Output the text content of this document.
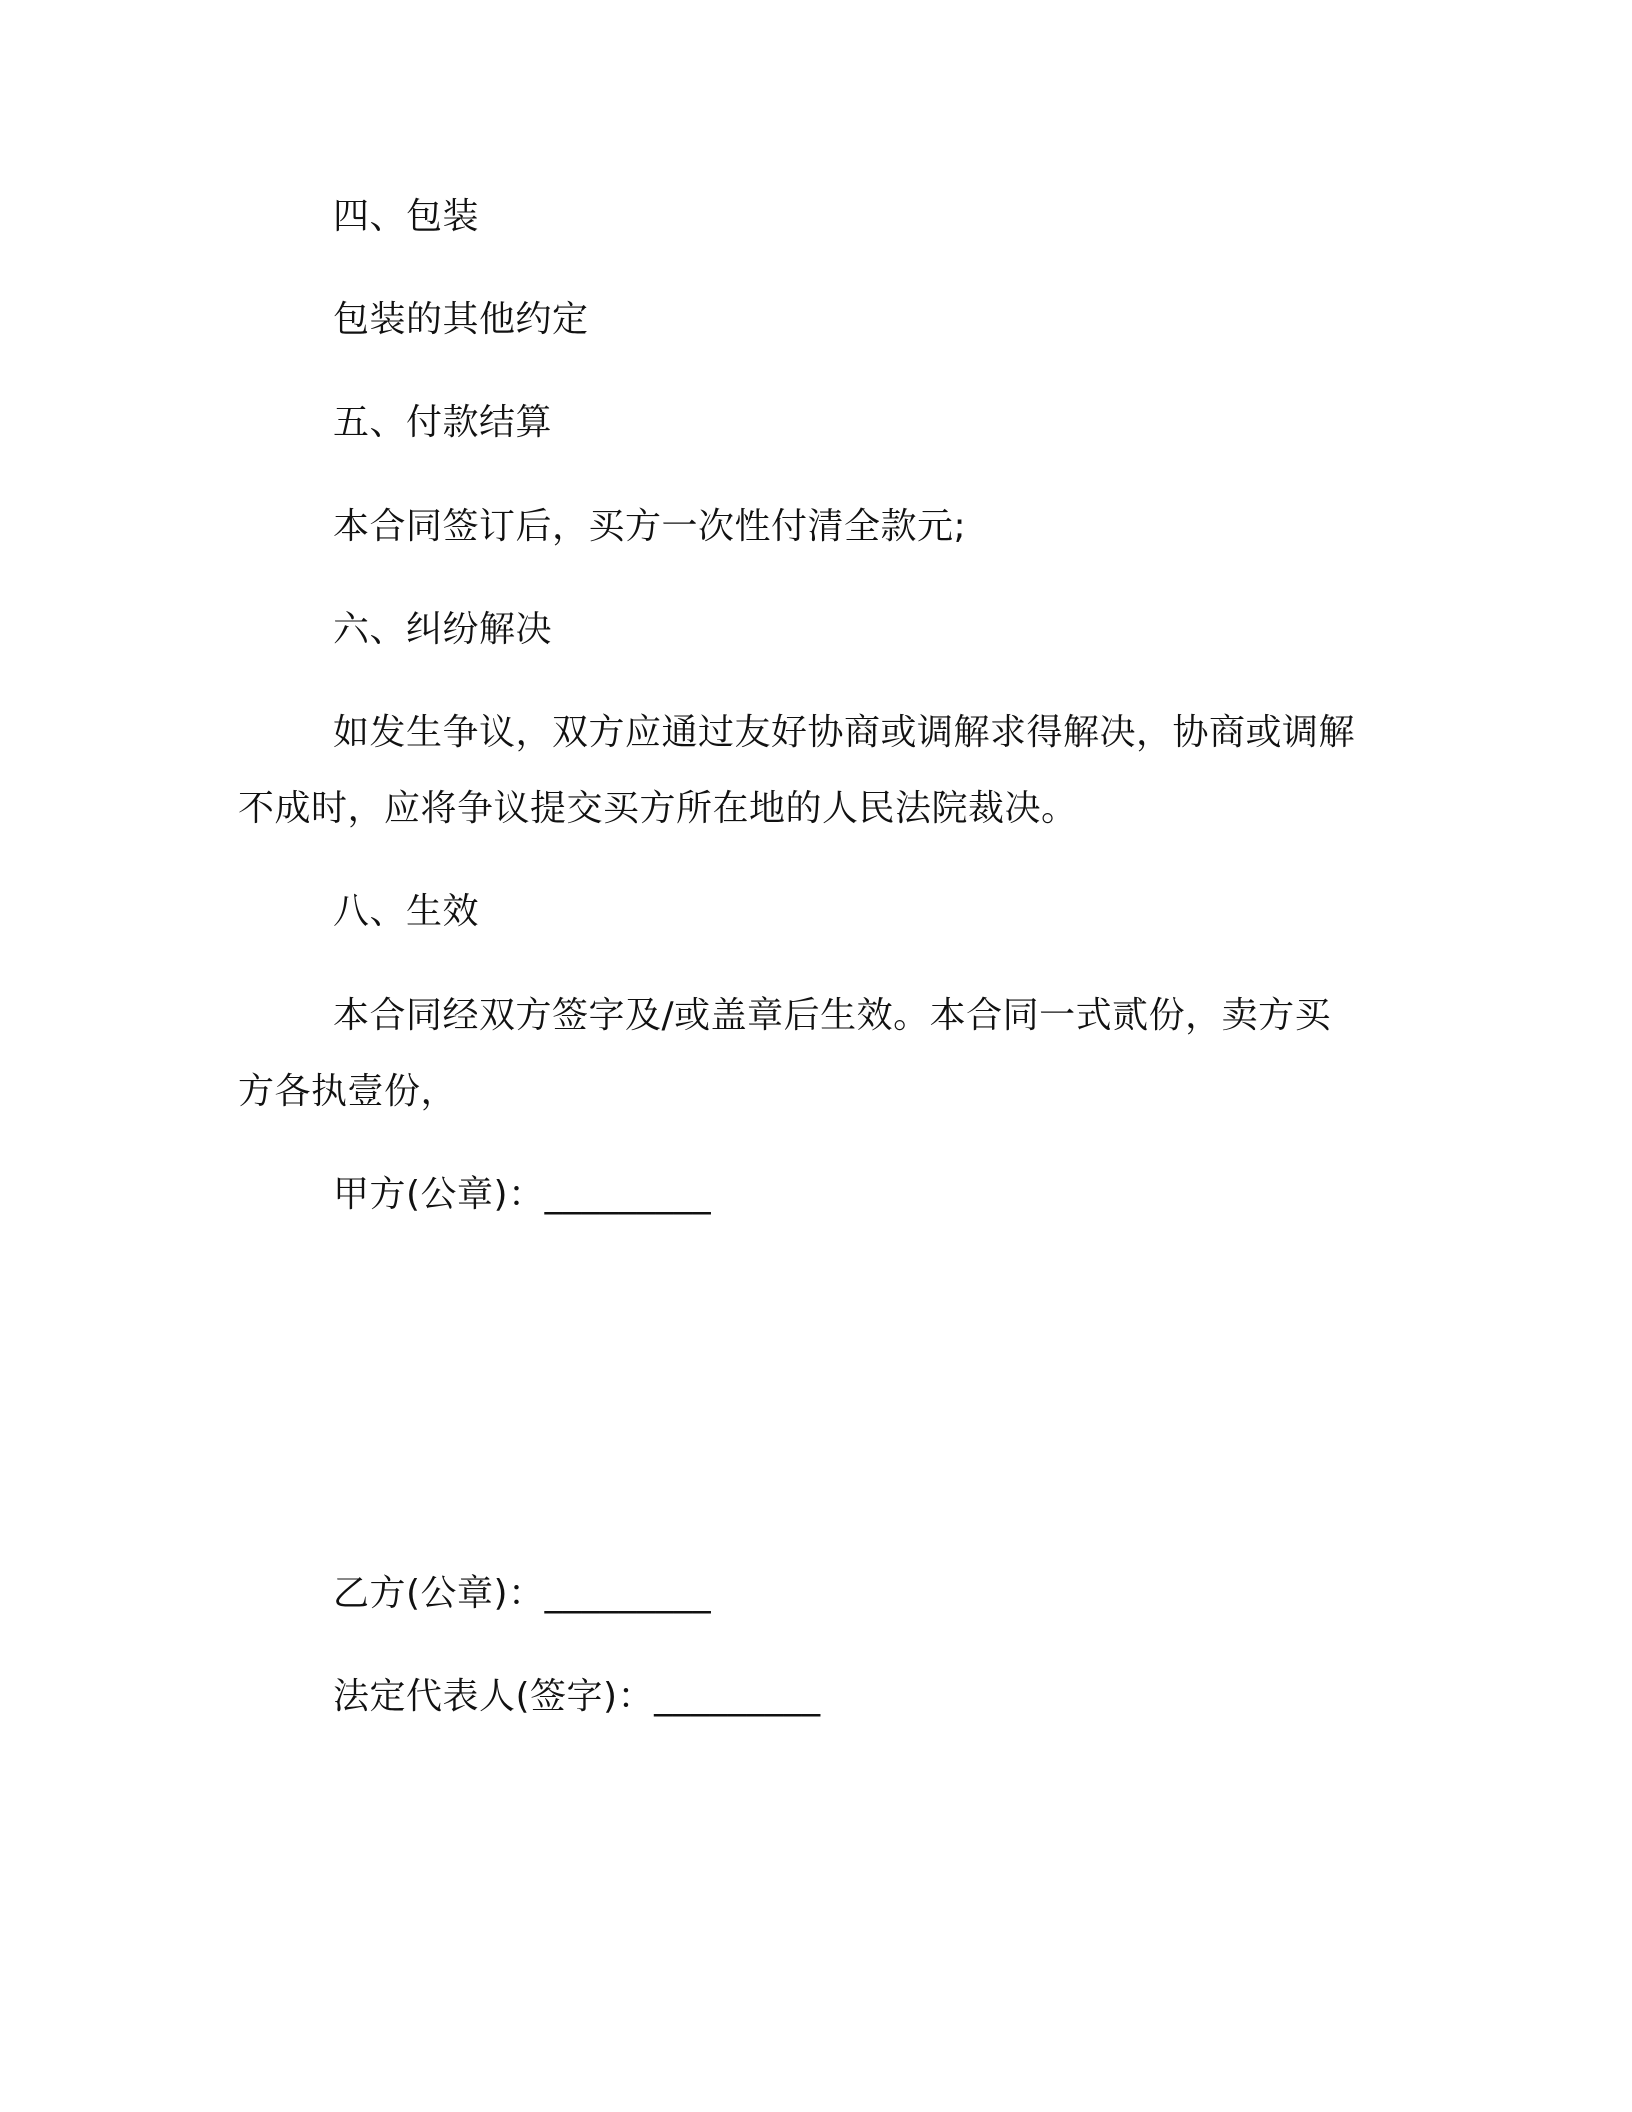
四、包装
包装的其他约定
五、付款结算
本合同签订后，买方一次性付清全款元;
六、纠纷解决
如发生争议，双方应通过友好协商或调解求得解决，协商或调解
不成时，应将争议提交买方所在地的人民法院裁决。
八、生效
本合同经双方签字及/或盖章后生效。本合同一式贰份，卖方买
方各执壹份，
甲方(公章)：_________
乙方(公章)：_________
法定代表人(签字)：_________
